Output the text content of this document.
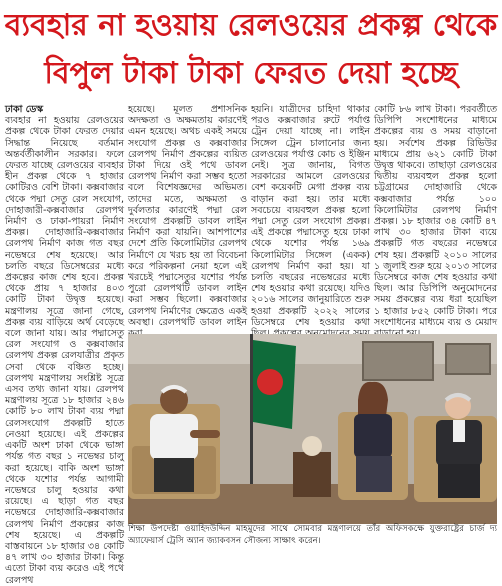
ব্যবহার না হওয়ায় রেলওয়ের প্রকল্প থেকে
বিপুল টাকা টাকা ফেরত দেয়া হচ্ছে
ঢাকা ডেস্ক
ব্যবহার না হওয়ায় রেলওয়ের প্রকল্প থেকে টাকা ফেরত দেয়ার সিদ্ধান্ত নিয়েছে বর্তমান অন্তর্বর্তীকালীন সরকার। ফলে ফেরত যাচ্ছে রেলওয়ের ব্যবহার হীন প্রকল্প থেকে ৭ হাজার কোটিরও বেশি টাকা। কক্সবাজার থেকে পদ্মা সেতু রেল সংযোগ, দোহাজারী-কক্সবাজার রেলপথ নির্মাণ ও ঢাকা-পায়রা নির্মাণ প্রকল্প। দোহাজারি-কক্সবাজার রেলপথ নির্মাণ কাজ গত বছর নভেম্বরে শেষ হয়েছে। আর চলতি বছরে ডিসেম্বরের মধ্যে প্রকল্পের কাজ শেষ হবে। প্রকল্প থেকে প্রায় ৭ হাজার ৪০৩ কোটি টাকা উদ্বৃত্ত হয়েছে। মন্ত্রণালয় সূত্রে জানা গেছে, প্রকল্প ব্যয় বাড়িয়ে অর্থ বেড়েছে বলে জানা যায়। আর পদ্মাসেতু রেল সংযোগ ও কক্সবাজার রেলপথ প্রকল্প রেলযাত্রীর প্রকৃত সেবা থেকে বঞ্চিত হচ্ছে। রেলপথ মন্ত্রণালয় সংশ্লিষ্ট সূত্রে এসব তথ্য জানা যায়। রেলপথ মন্ত্রণালয় সূত্রে ১৮ হাজার ২৪৬ কোটি ৮০ লাখ টাকা ব্যয় পদ্মা রেলসংযোগ প্রকল্পটি হাতে নেওয়া হয়েছে। এই প্রকল্পের একটি অংশ ঢাকা থেকে ভাঙ্গা পর্যন্ত গত বছর ১ নভেম্বর চালু করা হয়েছে। বাকি অংশ ভাঙ্গা থেকে যশোর পর্যন্ত আগামী নভেম্বরে চালু হওয়ার কথা রয়েছে। এ ছাড়া গত বছর নভেম্বরে দোহাজারি-কক্সবাজার রেলপথ নির্মাণ প্রকল্পের কাজ শেষ হয়েছে। এ প্রকল্পটি বাস্তবায়নে ১৮ হাজার ৩৪ কোটি ৪৭ লাখ ৩০ হাজার টাকা। কিন্তু এতো টাকা ব্যয় করেও এই পথে রেলপথ
হয়েছে। মূলত প্রশাসনিক অদক্ষতা ও অক্ষমতায় কারণেই এমন হয়েছে। অথচ একই সময়ে সংযোগ প্রকল্প ও কক্সবাজার রেলপথ নির্মাণ প্রকল্পের ব্যয়িত টাকা দিয়ে ওই পথে ডাবল রেলপথ নির্মাণ করা সম্ভব হতো বলে বিশেষজ্ঞদের অভিমত। তাদের মতে, অক্ষমতা ও দুর্বলতার কারণেই পদ্মা রেল সংযোগ প্রকল্পটি ডাবল লাইন নির্মাণ করা যায়নি। আশপাশের দেশে প্রতি কিলোমিটার রেলপথ নির্মাণে যে খরচ হয় তা বিবেচনা করে পরিকল্পনা নেয়া হলে এই খরচেই পদ্মাসেতুর যশোর পর্যন্ত পুরো রেলপথটি ডাবল লাইন করা সম্ভব ছিলো। কক্সবাজার রেলপথ নির্মাণের ক্ষেত্রেও একই অবস্থা। রেলপথটি ডাবল লাইন
হয়নি। যাত্রীদের চাহিদা থাকার পরও কক্সবাজার রুটে পর্যাপ্ত ট্রেন দেয়া যাচ্ছে না। লাইন সিঙ্গেল ট্রেন চালানোর জন্য রেলওয়ের পর্যাপ্ত কোচ ও ইঞ্জিন নেই। সুত্র জানায়, বিগত সরকারের আমলে রেলওয়ের বেশ কয়েকটি মেগা প্রকল্প ব্যয় বাড়ান করা হয়। তার মধ্যে সবচেয়ে ব্যয়বহুল প্রকল্প হলো পদ্মা সেতু রেল সংযোগ প্রকল্প। এই প্রকল্পে পদ্মাসেতু হয়ে ঢাকা থেকে যশোর পর্যন্ত ১৬৯ কিলোমিটার সিঙ্গেল (একক) রেলপথ নির্মাণ করা হয়। যা চলতি বছরের নভেম্বরের মধ্যে শেষ হওয়ার কথা রয়েছে। যদিও ২০১৬ সালের জানুয়ারিতে শুরু হওয়া প্রকল্পটি ২০২২ সালের ডিসেম্বরে শেষ হওয়ার কথা
কোটি ৮৬ লাখ টাকা। পরবর্তীতে ডিপিপি সংশোধনের মাধ্যমে প্রকল্পের ব্যয় ও সময় বাড়ানো হয়। সর্বশেষ প্রকল্প রিভিউর মাধ্যমে প্রায় ৬২১ কোটি টাকা উদ্বৃত্ত থাকবে। তাছাড়া রেলওয়ের দ্বিতীয় ব্যয়বহুল প্রকল্প হলো চট্টগ্রামের দোহাজারি থেকে কক্সবাজার পর্যন্ত ১০০ কিলোমিটার রেলপথ নির্মাণ প্রকল্প। ১৮ হাজার ৩৪ কোটি ৪৭ লাখ ৩০ হাজার টাকা ব্যয়ে প্রকল্পটি গত বছরের নভেম্বরে শেষ হয়। প্রকল্পটি ২০১০ সালের ১ জুলাই শুরু হয়ে ২০১৩ সালের ডিসেম্বরে কাজ শেষ হওয়ার কথা ছিল। আর ডিপিপি অনুমোদনের সময় প্রকল্পের ব্যয় ধরা হয়েছিল ১ হাজার ৮৫২ কোটি টাকা। পরে সংশোধনের মাধ্যমে ব্যয় ও মেয়াদ
শিক্ষা উপদেষ্টা ওয়াহিদউদ্দিন মাহমুদের সাথে সোমবার মন্ত্রণালয়ে তাঁর অফিসকক্ষে যুক্তরাষ্ট্রের চার্জ দ্য অ্যাফেয়ার্স ট্রেসি অ্যান জ্যাকবসন সৌজন্য সাক্ষাৎ করেন।
